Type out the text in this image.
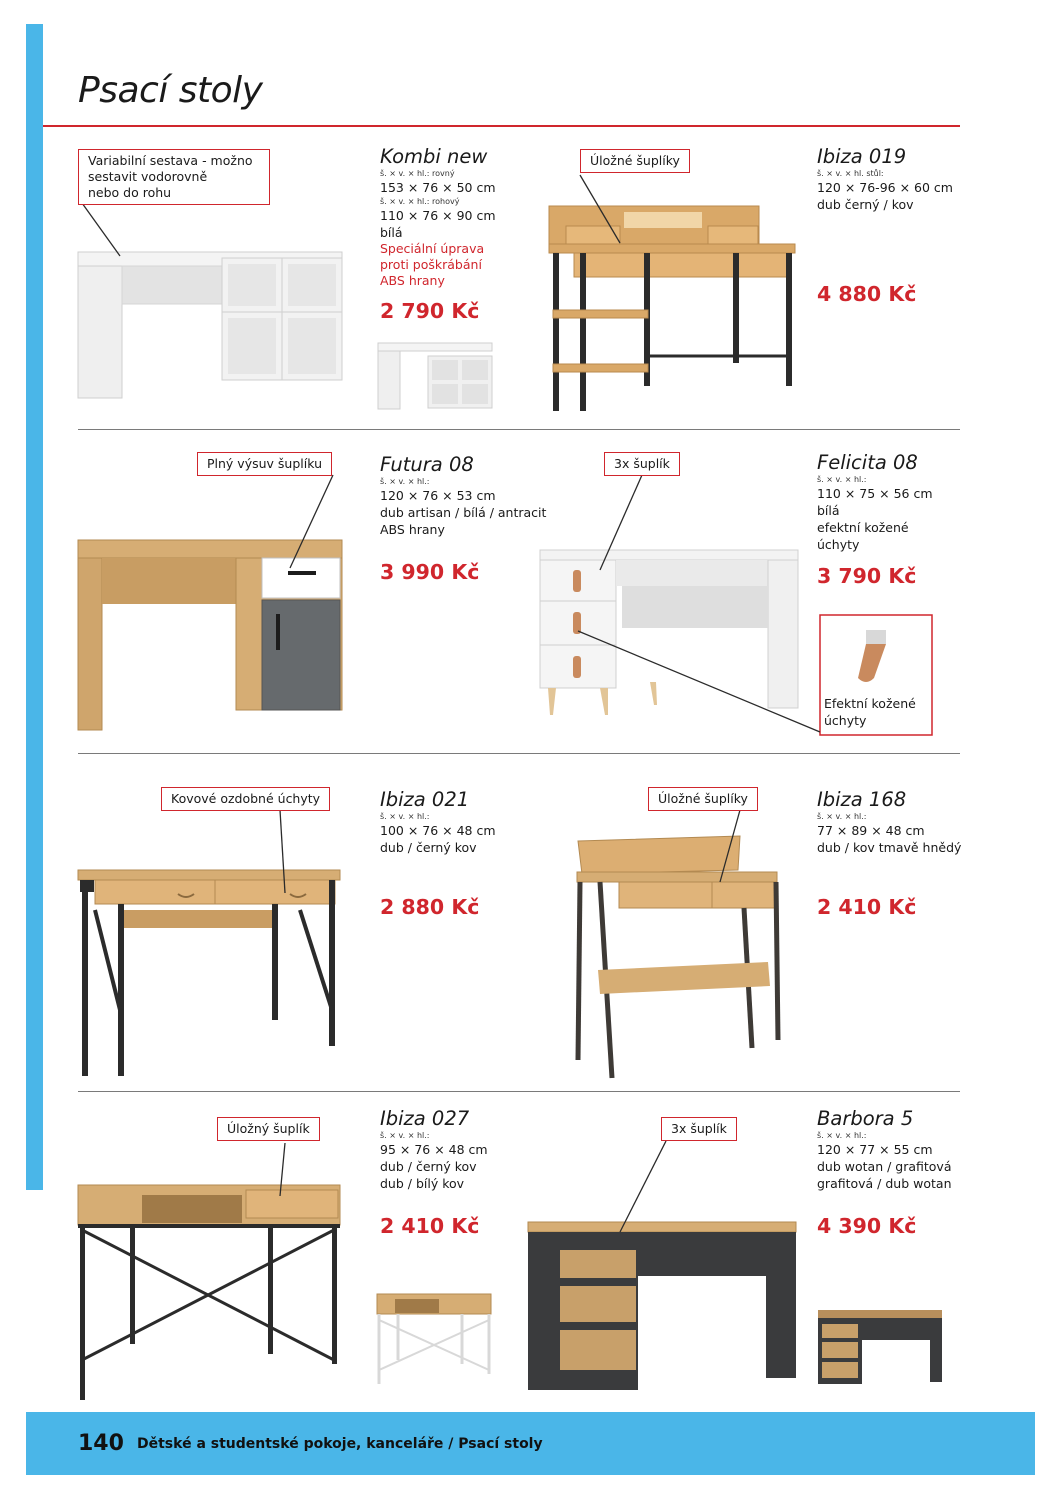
Psací stoly
Variabilní sestava - možno
sestavit vodorovně
nebo do rohu
Úložné šuplíky
Plný výsuv šuplíku	3x šuplík
Kovové ozdobné úchyty	Úložné šuplíky
Úložný šuplík	3x šuplík
Efektní kožené
úchyty
Kombi new
š. × v. × hl.: rovný
153 × 76 × 50 cm
š. × v. × hl.: rohový
110 × 76 × 90 cm
bílá
Speciální úprava
proti poškrábání
ABS hrany
2 790 Kč
Ibiza 019
š. × v. × hl. stůl:
120 × 76-96 × 60 cm
dub černý / kov
4 880 Kč
Futura 08
š. × v. × hl.:
120 × 76 × 53 cm
dub artisan / bílá / antracit
ABS hrany
3 990 Kč
Felicita 08
š. × v. × hl.:
110 × 75 × 56 cm
bílá
efektní kožené
úchyty
3 790 Kč
Ibiza 021
š. × v. × hl.:
100 × 76 × 48 cm
dub / černý kov
2 880 Kč
Ibiza 168
š. × v. × hl.:
77 × 89 × 48 cm
dub / kov tmavě hnědý
2 410 Kč
Ibiza 027
š. × v. × hl.:
95 × 76 × 48 cm
dub / černý kov
dub / bílý kov
2 410 Kč
Barbora 5
š. × v. × hl.:
120 × 77 × 55 cm
dub wotan / grafitová
grafitová / dub wotan
4 390 Kč
140 Dětské a studentské pokoje, kanceláře / Psací stoly
